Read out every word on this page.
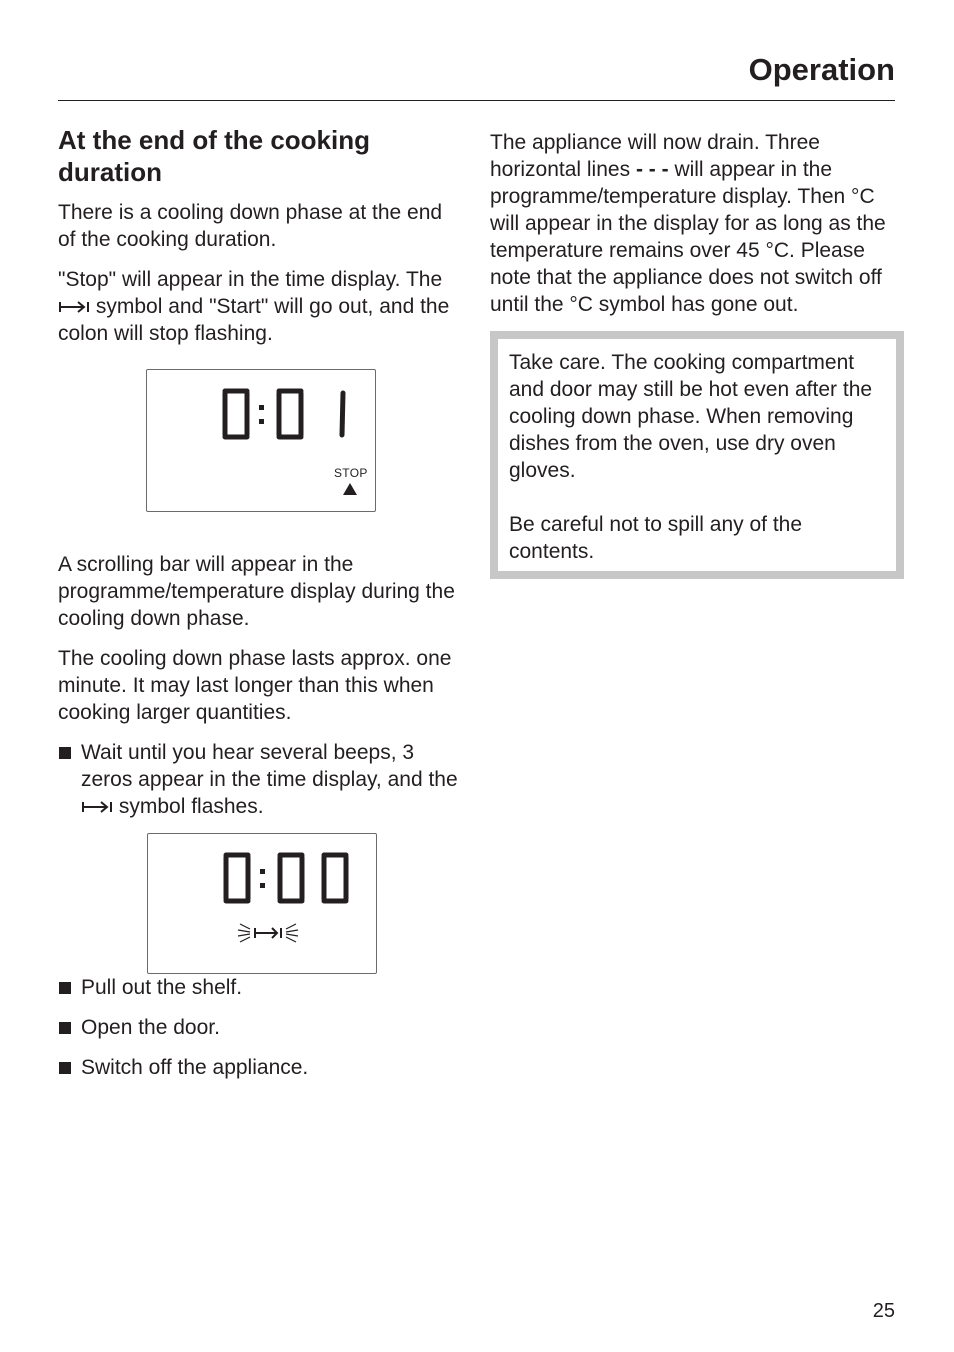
Operation
At the end of the cooking duration

There is a cooling down phase at the end of the cooking duration.

"Stop" will appear in the time display. The  symbol and "Start" will go out, and the colon will stop flashing.

STOP

A scrolling bar will appear in the programme/temperature display during the cooling down phase.

The cooling down phase lasts approx. one minute. It may last longer than this when cooking larger quantities.

Wait until you hear several beeps, 3 zeros appear in the time display, and the  symbol flashes.
Pull out the shelf.
Open the door.
Switch off the appliance.

The appliance will now drain. Three horizontal lines - - - will appear in the programme/temperature display. Then °C will appear in the display for as long as the temperature remains over 45 °C. Please note that the appliance does not switch off until the °C symbol has gone out.

Take care. The cooking compartment and door may still be hot even after the cooling down phase. When removing dishes from the oven, use dry oven gloves.

Be careful not to spill any of the contents.

25
